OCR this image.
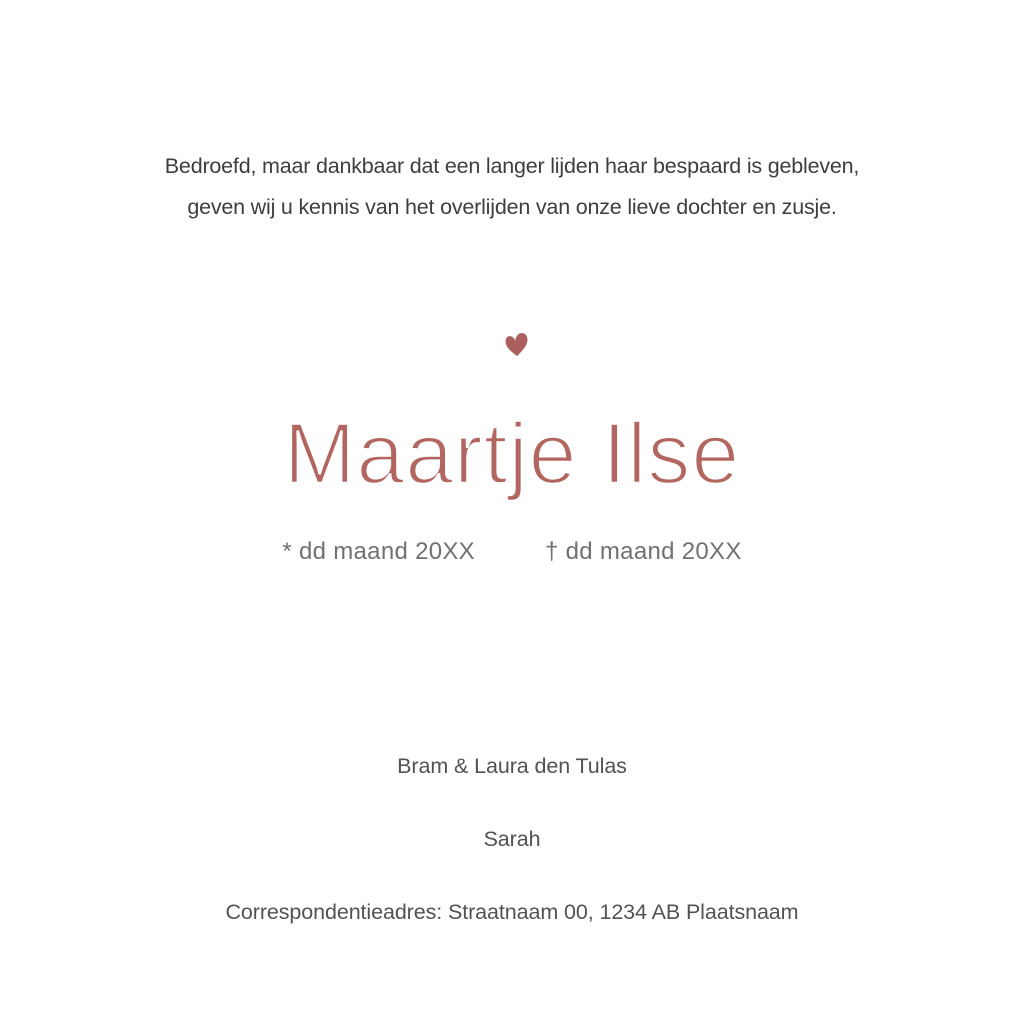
Bedroefd, maar dankbaar dat een langer lijden haar bespaard is gebleven,
geven wij u kennis van het overlijden van onze lieve dochter en zusje.
Maartje Ilse
* dd maand 20XX	† dd maand 20XX
Bram & Laura den Tulas
Sarah
Correspondentieadres: Straatnaam 00, 1234 AB Plaatsnaam
